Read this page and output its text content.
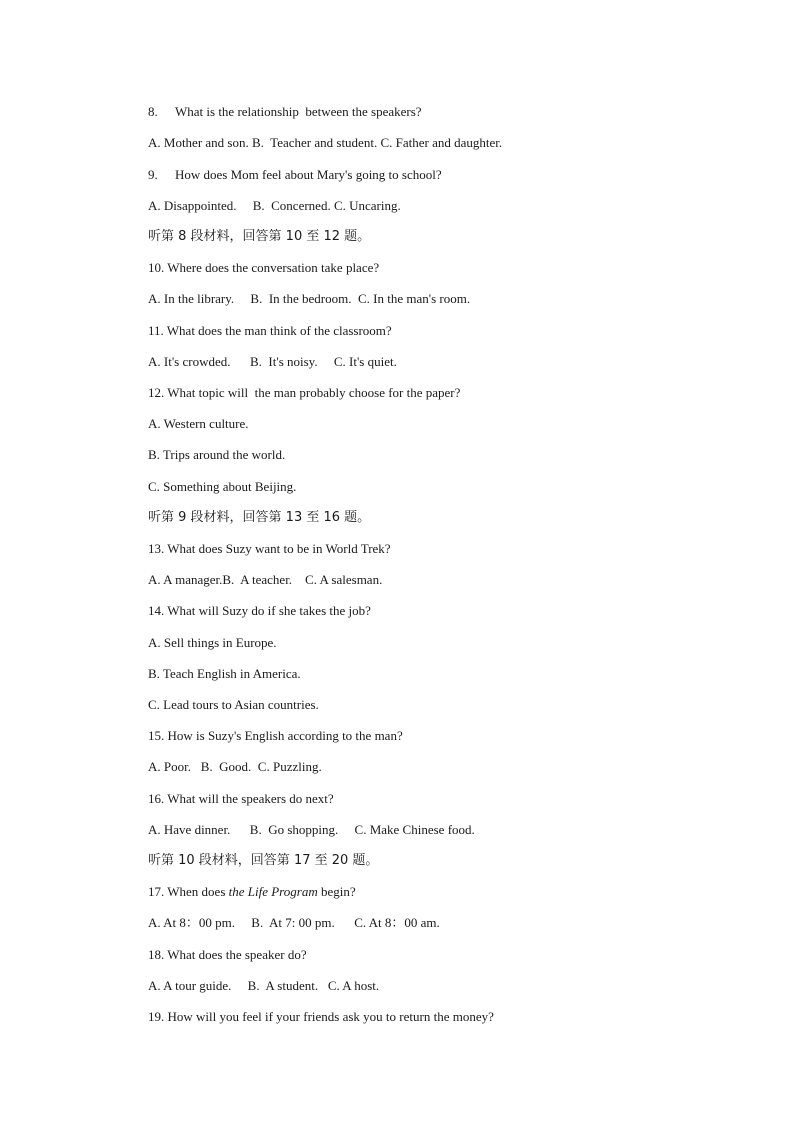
8. What is the relationship  between the speakers?
A. Mother and son. B.  Teacher and student. C. Father and daughter.
9. How does Mom feel about Mary's going to school?
A. Disappointed.     B.  Concerned. C. Uncaring.
听第 8 段材料，回答第 10 至 12 题。
10. Where does the conversation take place?
A. In the library.     B.  In the bedroom.  C. In the man's room.
11. What does the man think of the classroom?
A. It's crowded.      B.  It's noisy.     C. It's quiet.
12. What topic will  the man probably choose for the paper?
A. Western culture.
B. Trips around the world.
C. Something about Beijing.
听第 9 段材料，回答第 13 至 16 题。
13. What does Suzy want to be in World Trek?
A. A manager.B.  A teacher.    C. A salesman.
14. What will Suzy do if she takes the job?
A. Sell things in Europe.
B. Teach English in America.
C. Lead tours to Asian countries.
15. How is Suzy's English according to the man?
A. Poor.   B.  Good.  C. Puzzling.
16. What will the speakers do next?
A. Have dinner.      B.  Go shopping.     C. Make Chinese food.
听第 10 段材料，回答第 17 至 20 题。
17. When does the Life Program begin?
A. At 8：00 pm.     B.  At 7: 00 pm.      C. At 8：00 am.
18. What does the speaker do?
A. A tour guide.     B.  A student.   C. A host.
19. How will you feel if your friends ask you to return the money?
